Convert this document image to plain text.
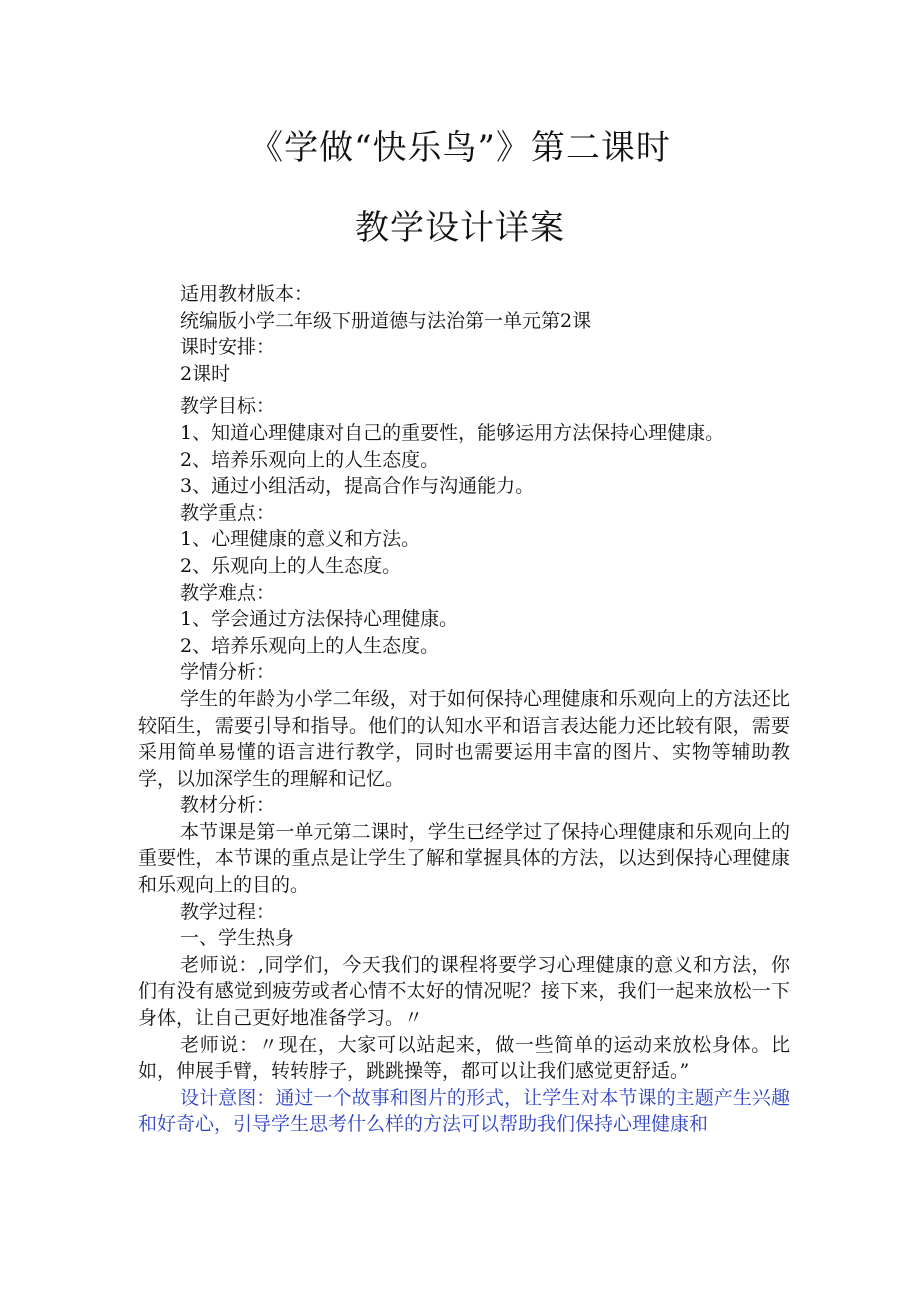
《学做“快乐鸟”》第二课时
教学设计详案
适用教材版本：
统编版小学二年级下册道德与法治第一单元第2课
课时安排：
2课时
教学目标：
1、知道心理健康对自己的重要性，能够运用方法保持心理健康。
2、培养乐观向上的人生态度。
3、通过小组活动，提高合作与沟通能力。
教学重点：
1、心理健康的意义和方法。
2、乐观向上的人生态度。
教学难点：
1、学会通过方法保持心理健康。
2、培养乐观向上的人生态度。
学情分析：
学生的年龄为小学二年级，对于如何保持心理健康和乐观向上的方法还比较陌生，需要引导和指导。他们的认知水平和语言表达能力还比较有限，需要采用简单易懂的语言进行教学，同时也需要运用丰富的图片、实物等辅助教学，以加深学生的理解和记忆。
教材分析：
本节课是第一单元第二课时，学生已经学过了保持心理健康和乐观向上的重要性，本节课的重点是让学生了解和掌握具体的方法，以达到保持心理健康和乐观向上的目的。
教学过程：
一、学生热身
老师说：,同学们，今天我们的课程将要学习心理健康的意义和方法，你们有没有感觉到疲劳或者心情不太好的情况呢？接下来，我们一起来放松一下身体，让自己更好地准备学习。〃
老师说：〃现在，大家可以站起来，做一些简单的运动来放松身体。比如，伸展手臂，转转脖子，跳跳操等，都可以让我们感觉更舒适。”
设计意图：通过一个故事和图片的形式，让学生对本节课的主题产生兴趣和好奇心，引导学生思考什么样的方法可以帮助我们保持心理健康和
